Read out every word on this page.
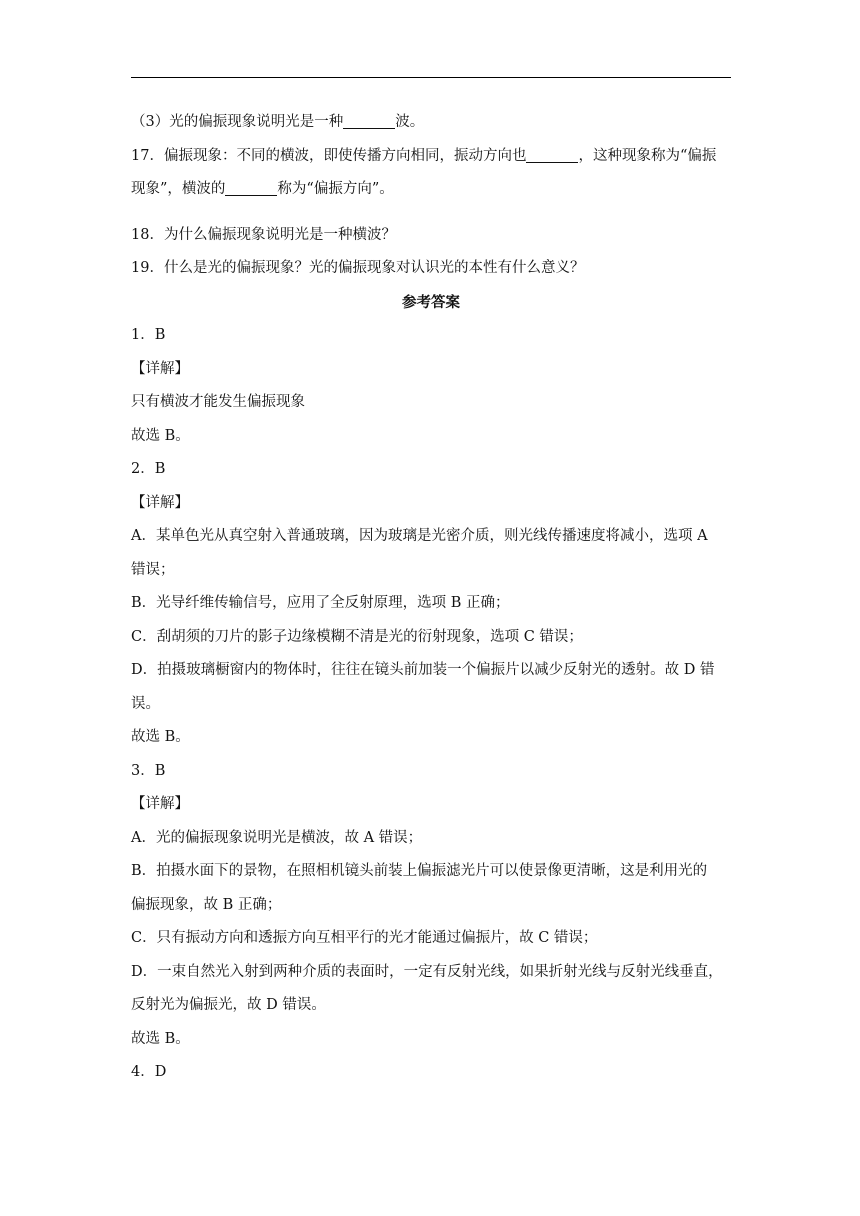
（3）光的偏振现象说明光是一种	波。

17．偏振现象：不同的横波，即使传播方向相同，振动方向也	，这种现象称为“偏振

现象”，横波的	称为“偏振方向”。

18．为什么偏振现象说明光是一种横波？

19．什么是光的偏振现象？光的偏振现象对认识光的本性有什么意义？

参考答案

1．B

【详解】

只有横波才能发生偏振现象

故选 B。

2．B

【详解】

A．某单色光从真空射入普通玻璃，因为玻璃是光密介质，则光线传播速度将减小，选项 A

错误；

B．光导纤维传输信号，应用了全反射原理，选项 B 正确；

C．刮胡须的刀片的影子边缘模糊不清是光的衍射现象，选项 C 错误；

D．拍摄玻璃橱窗内的物体时，往往在镜头前加装一个偏振片以减少反射光的透射。故 D 错

误。

故选 B。

3．B

【详解】

A．光的偏振现象说明光是横波，故 A 错误；

B．拍摄水面下的景物，在照相机镜头前装上偏振滤光片可以使景像更清晰，这是利用光的

偏振现象，故 B 正确；

C．只有振动方向和透振方向互相平行的光才能通过偏振片，故 C 错误；

D．一束自然光入射到两种介质的表面时，一定有反射光线，如果折射光线与反射光线垂直，

反射光为偏振光，故 D 错误。

故选 B。

4．D
